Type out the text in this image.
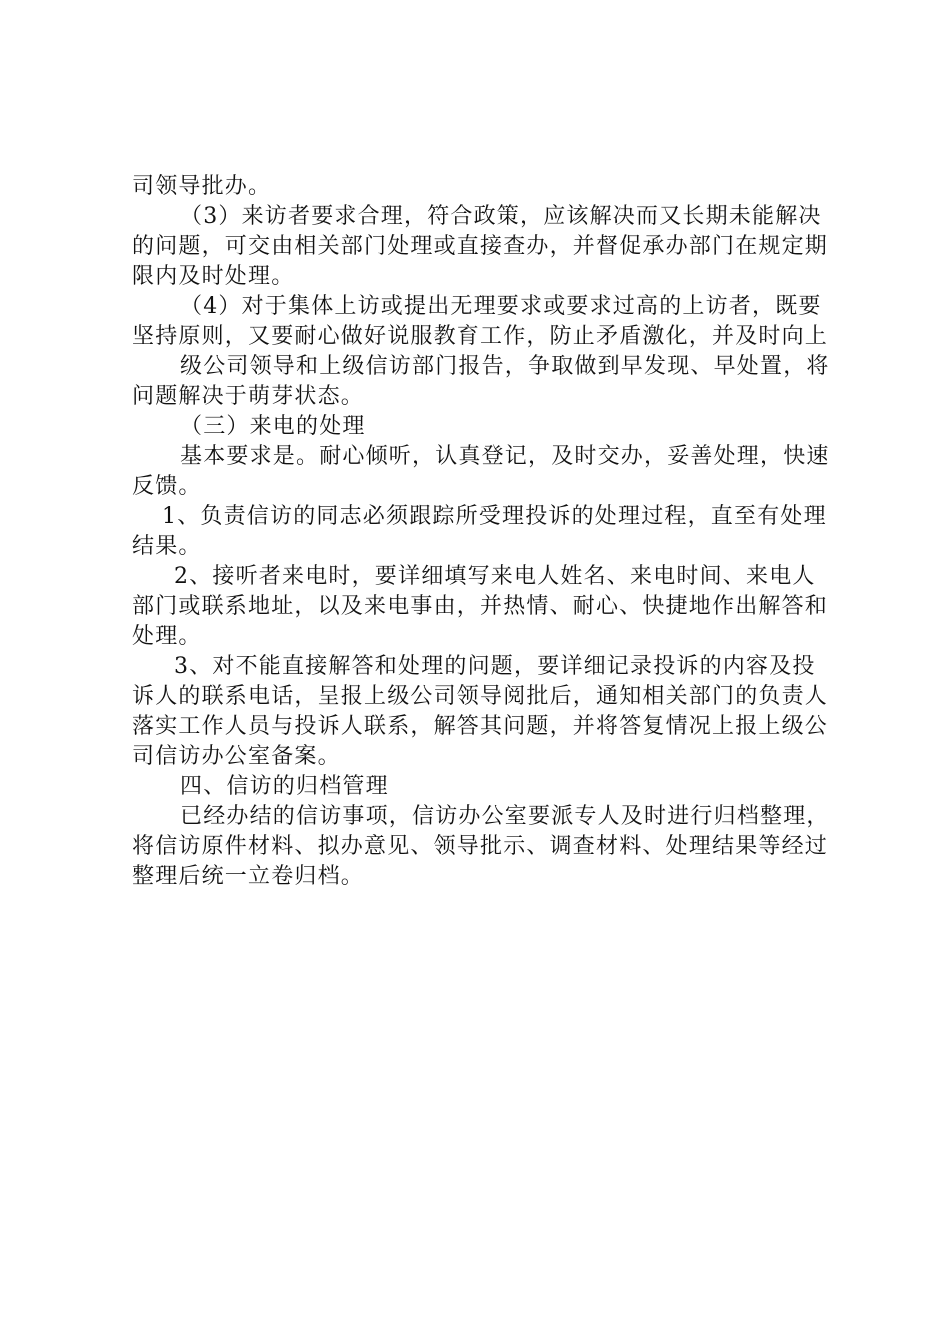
司领导批办。

（3）来访者要求合理，符合政策，应该解决而又长期未能解决的问题，可交由相关部门处理或直接查办，并督促承办部门在规定期限内及时处理。

（4）对于集体上访或提出无理要求或要求过高的上访者，既要坚持原则，又要耐心做好说服教育工作，防止矛盾激化，并及时向上

级公司领导和上级信访部门报告，争取做到早发现、早处置，将问题解决于萌芽状态。

（三）来电的处理

基本要求是。耐心倾听，认真登记，及时交办，妥善处理，快速反馈。

1、负责信访的同志必须跟踪所受理投诉的处理过程，直至有处理结果。

2、接听者来电时，要详细填写来电人姓名、来电时间、来电人部门或联系地址，以及来电事由，并热情、耐心、快捷地作出解答和处理。

3、对不能直接解答和处理的问题，要详细记录投诉的内容及投诉人的联系电话，呈报上级公司领导阅批后，通知相关部门的负责人落实工作人员与投诉人联系，解答其问题，并将答复情况上报上级公司信访办公室备案。

四、信访的归档管理

已经办结的信访事项，信访办公室要派专人及时进行归档整理，将信访原件材料、拟办意见、领导批示、调查材料、处理结果等经过整理后统一立卷归档。
